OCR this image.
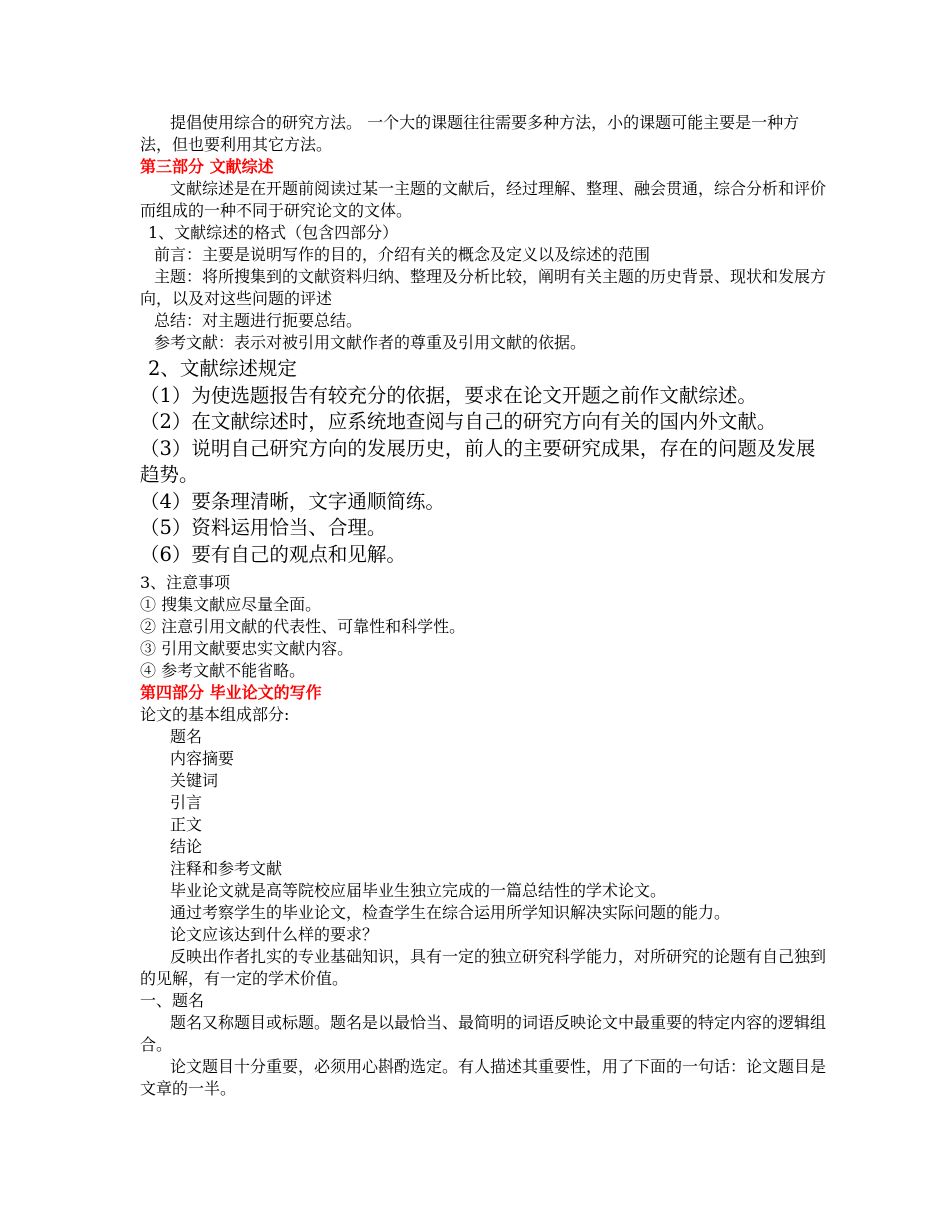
提倡使用综合的研究方法。 一个大的课题往往需要多种方法，小的课题可能主要是一种方法，但也要利用其它方法。

第三部分 文献综述

文献综述是在开题前阅读过某一主题的文献后，经过理解、整理、融会贯通，综合分析和评价而组成的一种不同于研究论文的文体。

1、文献综述的格式（包含四部分）

前言：主要是说明写作的目的，介绍有关的概念及定义以及综述的范围

主题：将所搜集到的文献资料归纳、整理及分析比较，阐明有关主题的历史背景、现状和发展方向，以及对这些问题的评述

总结：对主题进行扼要总结。

参考文献：表示对被引用文献作者的尊重及引用文献的依据。

2、文献综述规定

（1）为使选题报告有较充分的依据，要求在论文开题之前作文献综述。

（2）在文献综述时，应系统地查阅与自己的研究方向有关的国内外文献。

（3）说明自己研究方向的发展历史，前人的主要研究成果，存在的问题及发展趋势。

（4）要条理清晰，文字通顺简练。

（5）资料运用恰当、合理。

（6）要有自己的观点和见解。

3、注意事项

① 搜集文献应尽量全面。

② 注意引用文献的代表性、可靠性和科学性。

③ 引用文献要忠实文献内容。

④ 参考文献不能省略。

第四部分 毕业论文的写作

论文的基本组成部分:

题名

内容摘要

关键词

引言

正文

结论

注释和参考文献

毕业论文就是高等院校应届毕业生独立完成的一篇总结性的学术论文。

通过考察学生的毕业论文，检查学生在综合运用所学知识解决实际问题的能力。

论文应该达到什么样的要求？

反映出作者扎实的专业基础知识，具有一定的独立研究科学能力，对所研究的论题有自己独到的见解，有一定的学术价值。

一、题名

题名又称题目或标题。题名是以最恰当、最简明的词语反映论文中最重要的特定内容的逻辑组合。

论文题目十分重要，必须用心斟酌选定。有人描述其重要性，用了下面的一句话：论文题目是文章的一半。
